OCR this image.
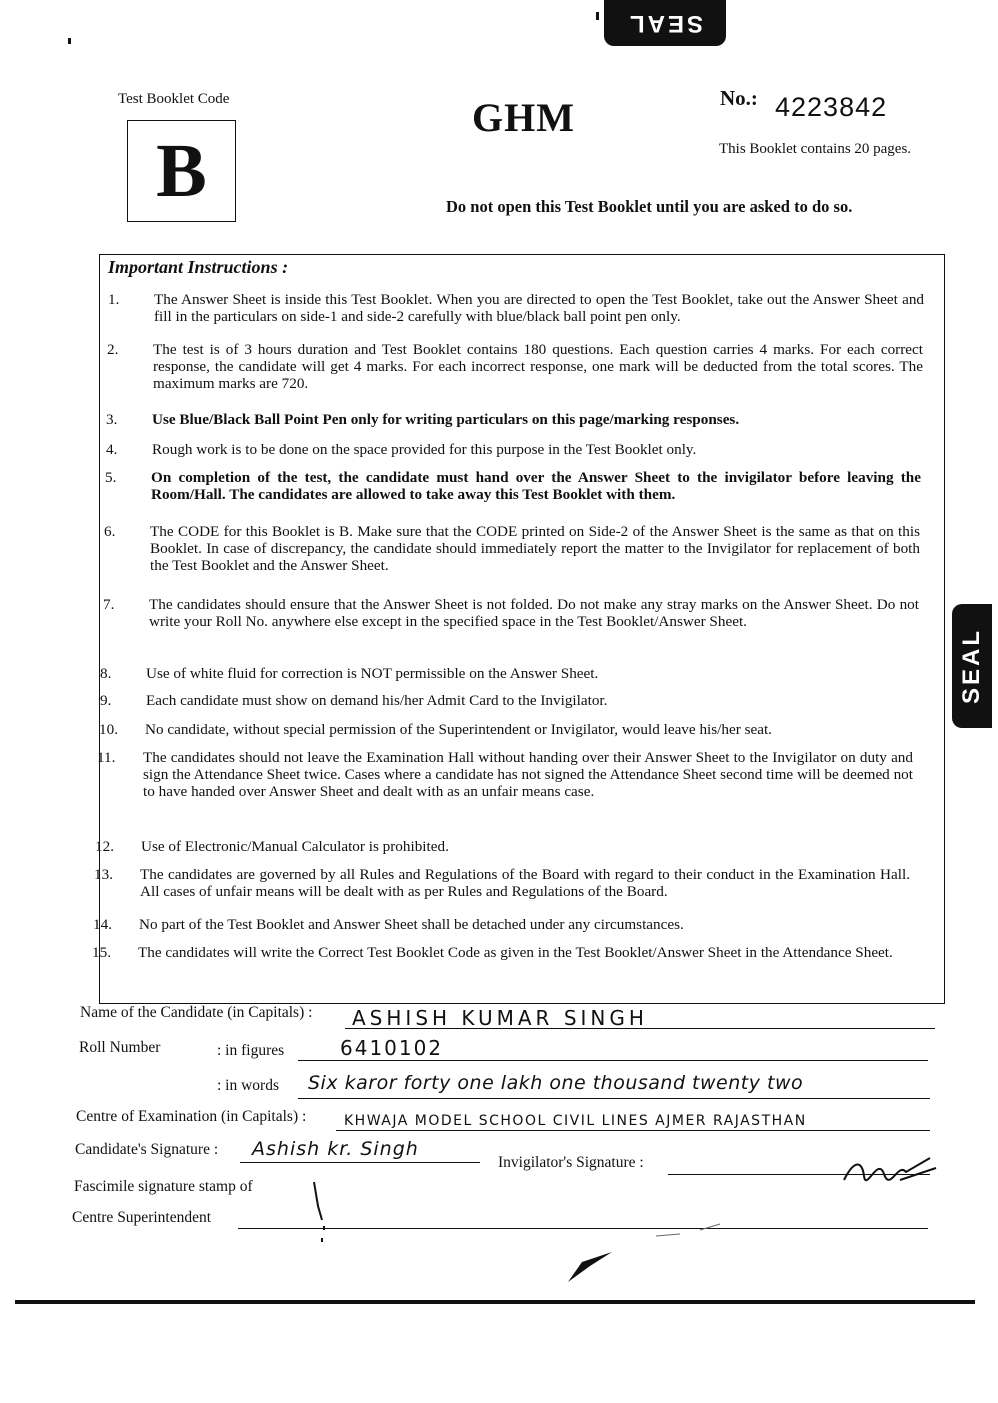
SEAL
SEAL
Test Booklet Code
B
GHM	No.: 4223842
This Booklet contains 20 pages.
Do not open this Test Booklet until you are asked to do so.
Important Instructions :
1. The Answer Sheet is inside this Test Booklet. When you are directed to open the Test Booklet, take out the Answer Sheet and fill in the particulars on side-1 and side-2 carefully with blue/black ball point pen only.
2. The test is of 3 hours duration and Test Booklet contains 180 questions. Each question carries 4 marks. For each correct response, the candidate will get 4 marks. For each incorrect response, one mark will be deducted from the total scores. The maximum marks are 720.
3. Use Blue/Black Ball Point Pen only for writing particulars on this page/marking responses.
4. Rough work is to be done on the space provided for this purpose in the Test Booklet only.
5. On completion of the test, the candidate must hand over the Answer Sheet to the invigilator before leaving the Room/Hall. The candidates are allowed to take away this Test Booklet with them.
6. The CODE for this Booklet is B. Make sure that the CODE printed on Side-2 of the Answer Sheet is the same as that on this Booklet. In case of discrepancy, the candidate should immediately report the matter to the Invigilator for replacement of both the Test Booklet and the Answer Sheet.
7. The candidates should ensure that the Answer Sheet is not folded. Do not make any stray marks on the Answer Sheet. Do not write your Roll No. anywhere else except in the specified space in the Test Booklet/Answer Sheet.
8. Use of white fluid for correction is NOT permissible on the Answer Sheet.
9. Each candidate must show on demand his/her Admit Card to the Invigilator.
10. No candidate, without special permission of the Superintendent or Invigilator, would leave his/her seat.
11. The candidates should not leave the Examination Hall without handing over their Answer Sheet to the Invigilator on duty and sign the Attendance Sheet twice. Cases where a candidate has not signed the Attendance Sheet second time will be deemed not to have handed over Answer Sheet and dealt with as an unfair means case.
12. Use of Electronic/Manual Calculator is prohibited.
13. The candidates are governed by all Rules and Regulations of the Board with regard to their conduct in the Examination Hall. All cases of unfair means will be dealt with as per Rules and Regulations of the Board.
14. No part of the Test Booklet and Answer Sheet shall be detached under any circumstances.
15. The candidates will write the Correct Test Booklet Code as given in the Test Booklet/Answer Sheet in the Attendance Sheet.
Name of the Candidate (in Capitals) : ASHISH KUMAR SINGH
Roll Number	: in figures	6410102
: in words Six karor forty one lakh one thousand twenty two
Centre of Examination (in Capitals) :	KHWAJA MODEL SCHOOL CIVIL LINES AJMER RAJASTHAN
Candidate's Signature : Ashish kr. Singh
Invigilator's Signature :
Fascimile signature stamp of
Centre Superintendent
